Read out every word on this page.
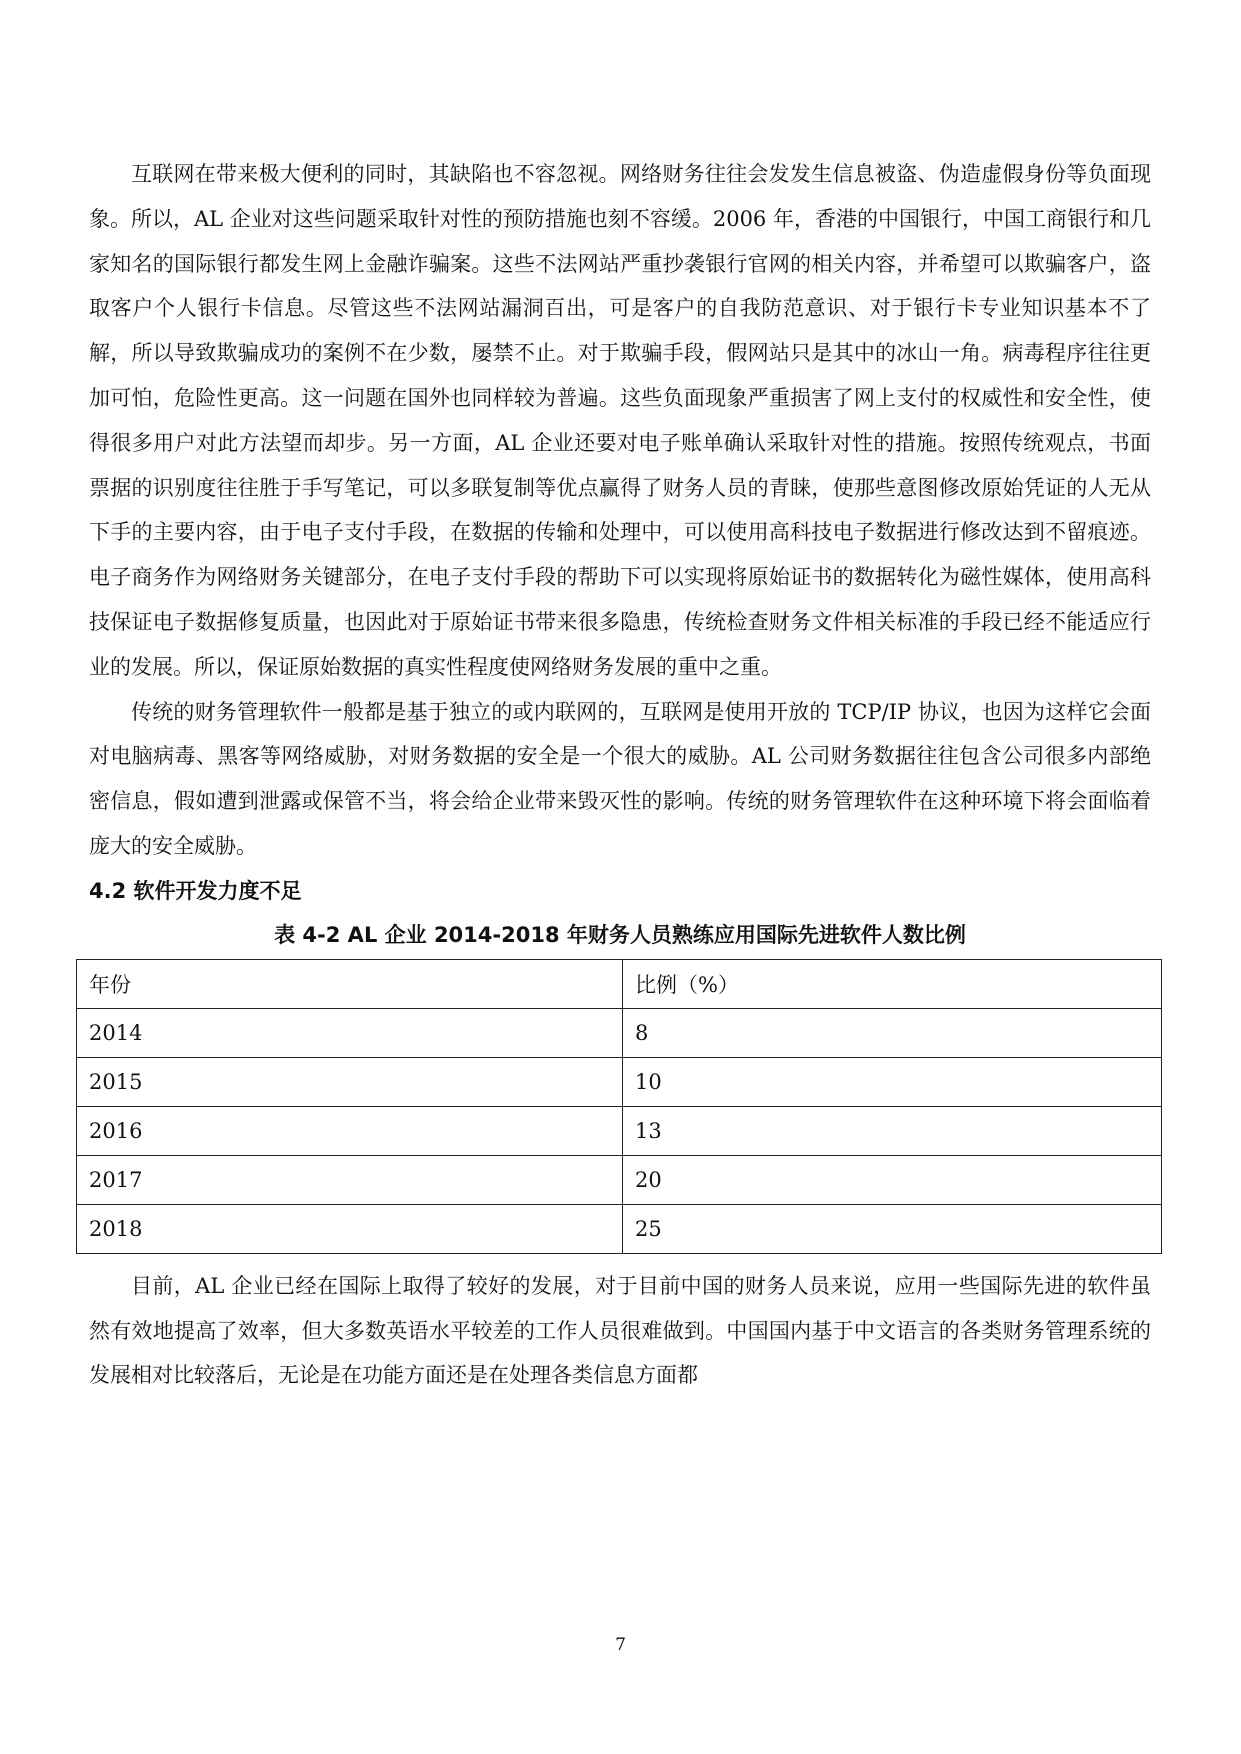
互联网在带来极大便利的同时，其缺陷也不容忽视。网络财务往往会发发生信息被盗、伪造虚假身份等负面现象。所以，AL 企业对这些问题采取针对性的预防措施也刻不容缓。2006 年，香港的中国银行，中国工商银行和几家知名的国际银行都发生网上金融诈骗案。这些不法网站严重抄袭银行官网的相关内容，并希望可以欺骗客户，盗取客户个人银行卡信息。尽管这些不法网站漏洞百出，可是客户的自我防范意识、对于银行卡专业知识基本不了解，所以导致欺骗成功的案例不在少数，屡禁不止。对于欺骗手段，假网站只是其中的冰山一角。病毒程序往往更加可怕，危险性更高。这一问题在国外也同样较为普遍。这些负面现象严重损害了网上支付的权威性和安全性，使得很多用户对此方法望而却步。另一方面，AL 企业还要对电子账单确认采取针对性的措施。按照传统观点，书面票据的识别度往往胜于手写笔记，可以多联复制等优点赢得了财务人员的青睐，使那些意图修改原始凭证的人无从下手的主要内容，由于电子支付手段，在数据的传输和处理中，可以使用高科技电子数据进行修改达到不留痕迹。电子商务作为网络财务关键部分，在电子支付手段的帮助下可以实现将原始证书的数据转化为磁性媒体，使用高科技保证电子数据修复质量，也因此对于原始证书带来很多隐患，传统检查财务文件相关标准的手段已经不能适应行业的发展。所以，保证原始数据的真实性程度使网络财务发展的重中之重。

传统的财务管理软件一般都是基于独立的或内联网的，互联网是使用开放的 TCP/IP 协议，也因为这样它会面对电脑病毒、黑客等网络威胁，对财务数据的安全是一个很大的威胁。AL 公司财务数据往往包含公司很多内部绝密信息，假如遭到泄露或保管不当，将会给企业带来毁灭性的影响。传统的财务管理软件在这种环境下将会面临着庞大的安全威胁。

4.2 软件开发力度不足
表 4-2 AL 企业 2014-2018 年财务人员熟练应用国际先进软件人数比例
年份	比例（%）
2014	8
2015	10
2016	13
2017	20
2018	25

目前，AL 企业已经在国际上取得了较好的发展，对于目前中国的财务人员来说，应用一些国际先进的软件虽然有效地提高了效率，但大多数英语水平较差的工作人员很难做到。中国国内基于中文语言的各类财务管理系统的发展相对比较落后，无论是在功能方面还是在处理各类信息方面都

7
